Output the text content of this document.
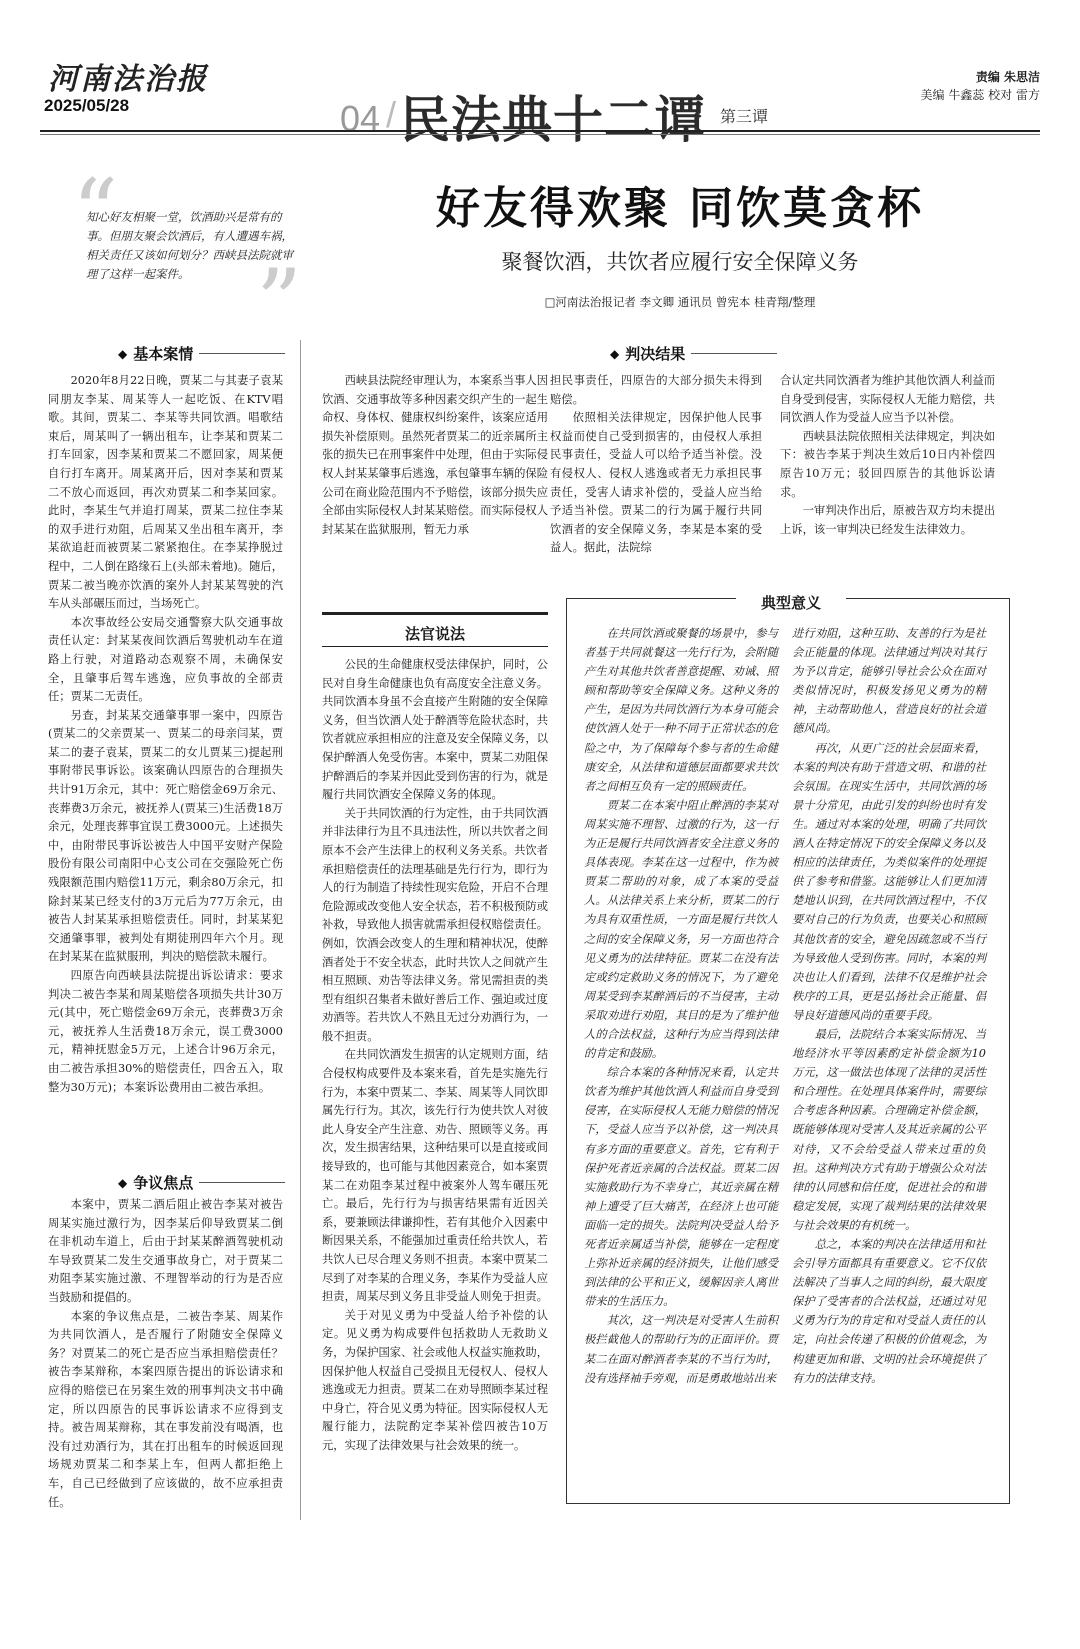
河南法治报
2025/05/28	04 / 民法典十二谭 第三谭
责编 朱思洁
美编 牛鑫蕊 校对 雷方
“
知心好友相聚一堂，饮酒助兴是常有的事。但朋友聚会饮酒后，有人遭遇车祸，相关责任又该如何划分？西峡县法院就审理了这样一起案件。 ”
好友得欢聚 同饮莫贪杯
聚餐饮酒，共饮者应履行安全保障义务
□河南法治报记者 李文卿 通讯员 曾宪本 桂青翔/整理
◆ 基本案情
◆ 争议焦点
◆ 判决结果

2020年8月22日晚，贾某二与其妻子袁某同朋友李某、周某等人一起吃饭、在KTV唱歌。其间，贾某二、李某等共同饮酒。唱歌结束后，周某叫了一辆出租车，让李某和贾某二打车回家，因李某和贾某二不愿回家，周某便自行打车离开。周某离开后，因对李某和贾某二不放心而返回，再次劝贾某二和李某回家。此时，李某生气并追打周某，贾某二拉住李某的双手进行劝阻，后周某又坐出租车离开，李某欲追赶而被贾某二紧紧抱住。在李某挣脱过程中，二人倒在路缘石上(头部未着地)。随后，贾某二被当晚亦饮酒的案外人封某某驾驶的汽车从头部碾压而过，当场死亡。

本次事故经公安局交通警察大队交通事故责任认定：封某某夜间饮酒后驾驶机动车在道路上行驶，对道路动态观察不周，未确保安全，且肇事后驾车逃逸，应负事故的全部责任；贾某二无责任。

另查，封某某交通肇事罪一案中，四原告(贾某二的父亲贾某一、贾某二的母亲闫某，贾某二的妻子袁某，贾某二的女儿贾某三)提起刑事附带民事诉讼。该案确认四原告的合理损失共计91万余元，其中：死亡赔偿金69万余元、丧葬费3万余元，被抚养人(贾某三)生活费18万余元，处理丧葬事宜误工费3000元。上述损失中，由附带民事诉讼被告人中国平安财产保险股份有限公司南阳中心支公司在交强险死亡伤残限额范围内赔偿11万元，剩余80万余元，扣除封某某已经支付的3万元后为77万余元，由被告人封某某承担赔偿责任。同时，封某某犯交通肇事罪，被判处有期徒刑四年六个月。现在封某某在监狱服刑，判决的赔偿款未履行。

四原告向西峡县法院提出诉讼请求：要求判决二被告李某和周某赔偿各项损失共计30万元(其中，死亡赔偿金69万余元，丧葬费3万余元，被抚养人生活费18万余元，误工费3000元，精神抚慰金5万元，上述合计96万余元，由二被告承担30%的赔偿责任，四舍五入，取整为30万元)；本案诉讼费用由二被告承担。

本案中，贾某二酒后阻止被告李某对被告周某实施过激行为，因李某后仰导致贾某二倒在非机动车道上，后由于封某某醉酒驾驶机动车导致贾某二发生交通事故身亡，对于贾某二劝阻李某实施过激、不理智举动的行为是否应当鼓励和提倡的。

本案的争议焦点是，二被告李某、周某作为共同饮酒人，是否履行了附随安全保障义务？对贾某二的死亡是否应当承担赔偿责任？被告李某辩称，本案四原告提出的诉讼请求和应得的赔偿已在另案生效的刑事判决文书中确定，所以四原告的民事诉讼请求不应得到支持。被告周某辩称，其在事发前没有喝酒，也没有过劝酒行为，其在打出租车的时候返回现场规劝贾某二和李某上车，但两人都拒绝上车，自己已经做到了应该做的，故不应承担责任。

西峡县法院经审理认为，本案系当事人因饮酒、交通事故等多种因素交织产生的一起生命权、身体权、健康权纠纷案件，该案应适用损失补偿原则。虽然死者贾某二的近亲属所主张的损失已在刑事案件中处理，但由于实际侵权人封某某肇事后逃逸，承包肇事车辆的保险公司在商业险范围内不予赔偿，该部分损失应全部由实际侵权人封某某赔偿。而实际侵权人封某某在监狱服刑，暂无力承

法官说法

公民的生命健康权受法律保护，同时，公民对自身生命健康也负有高度安全注意义务。共同饮酒本身虽不会直接产生附随的安全保障义务，但当饮酒人处于醉酒等危险状态时，共饮者就应承担相应的注意及安全保障义务，以保护醉酒人免受伤害。本案中，贾某二劝阻保护醉酒后的李某并因此受到伤害的行为，就是履行共同饮酒安全保障义务的体现。

关于共同饮酒的行为定性，由于共同饮酒并非法律行为且不具违法性，所以共饮者之间原本不会产生法律上的权利义务关系。共饮者承担赔偿责任的法理基础是先行行为，即行为人的行为制造了持续性现实危险，开启不合理危险源或改变他人安全状态，若不积极预防或补救，导致他人损害就需承担侵权赔偿责任。例如，饮酒会改变人的生理和精神状况，使醉酒者处于不安全状态，此时共饮人之间就产生相互照顾、劝告等法律义务。常见需担责的类型有组织召集者未做好善后工作、强迫或过度劝酒等。若共饮人不熟且无过分劝酒行为，一般不担责。

在共同饮酒发生损害的认定规则方面，结合侵权构成要件及本案来看，首先是实施先行行为，本案中贾某二、李某、周某等人同饮即属先行行为。其次，该先行行为使共饮人对彼此人身安全产生注意、劝告、照顾等义务。再次，发生损害结果，这种结果可以是直接或间接导致的，也可能与其他因素竞合，如本案贾某二在劝阻李某过程中被案外人驾车碾压死亡。最后，先行行为与损害结果需有近因关系，要兼顾法律谦抑性，若有其他介入因素中断因果关系，不能强加过重责任给共饮人，若共饮人已尽合理义务则不担责。本案中贾某二尽到了对李某的合理义务，李某作为受益人应担责，周某尽到义务且非受益人则免于担责。

关于对见义勇为中受益人给予补偿的认定。见义勇为构成要件包括救助人无救助义务，为保护国家、社会或他人权益实施救助，因保护他人权益自己受损且无侵权人、侵权人逃逸或无力担责。贾某二在劝导照顾李某过程中身亡，符合见义勇为特征。因实际侵权人无履行能力，法院酌定李某补偿四被告10万元，实现了法律效果与社会效果的统一。

担民事责任，四原告的大部分损失未得到赔偿。

依照相关法律规定，因保护他人民事权益而使自己受到损害的，由侵权人承担民事责任，受益人可以给予适当补偿。没有侵权人、侵权人逃逸或者无力承担民事责任，受害人请求补偿的，受益人应当给予适当补偿。贾某二的行为属于履行共同饮酒者的安全保障义务，李某是本案的受益人。据此，法院综

合认定共同饮酒者为维护其他饮酒人利益而自身受到侵害，实际侵权人无能力赔偿，共同饮酒人作为受益人应当予以补偿。

西峡县法院依照相关法律规定，判决如下：被告李某于判决生效后10日内补偿四原告10万元；驳回四原告的其他诉讼请求。

一审判决作出后，原被告双方均未提出上诉，该一审判决已经发生法律效力。

典型意义

在共同饮酒或聚餐的场景中，参与者基于共同就餐这一先行行为，会附随产生对其他共饮者善意提醒、劝诫、照顾和帮助等安全保障义务。这种义务的产生，是因为共同饮酒行为本身可能会使饮酒人处于一种不同于正常状态的危险之中，为了保障每个参与者的生命健康安全，从法律和道德层面都要求共饮者之间相互负有一定的照顾责任。

贾某二在本案中阻止醉酒的李某对周某实施不理智、过激的行为，这一行为正是履行共同饮酒者安全注意义务的具体表现。李某在这一过程中，作为被贾某二帮助的对象，成了本案的受益人。从法律关系上来分析，贾某二的行为具有双重性质，一方面是履行共饮人之间的安全保障义务，另一方面也符合见义勇为的法律特征。贾某二在没有法定或约定救助义务的情况下，为了避免周某受到李某醉酒后的不当侵害，主动采取劝进行劝阻，其目的是为了维护他人的合法权益，这种行为应当得到法律的肯定和鼓励。

综合本案的各种情况来看，认定共饮者为维护其他饮酒人利益而自身受到侵害，在实际侵权人无能力赔偿的情况下，受益人应当予以补偿，这一判决具有多方面的重要意义。首先，它有利于保护死者近亲属的合法权益。贾某二因实施救助行为不幸身亡，其近亲属在精神上遭受了巨大痛苦，在经济上也可能面临一定的损失。法院判决受益人给予死者近亲属适当补偿，能够在一定程度上弥补近亲属的经济损失，让他们感受到法律的公平和正义，缓解因亲人离世带来的生活压力。

其次，这一判决是对受害人生前积极拦截他人的帮助行为的正面评价。贾某二在面对醉酒者李某的不当行为时，没有选择袖手旁观，而是勇敢地站出来

进行劝阻，这种互助、友善的行为是社会正能量的体现。法律通过判决对其行为予以肯定，能够引导社会公众在面对类似情况时，积极发扬见义勇为的精神，主动帮助他人，营造良好的社会道德风尚。

再次，从更广泛的社会层面来看，本案的判决有助于营造文明、和谐的社会氛围。在现实生活中，共同饮酒的场景十分常见，由此引发的纠纷也时有发生。通过对本案的处理，明确了共同饮酒人在特定情况下的安全保障义务以及相应的法律责任，为类似案件的处理提供了参考和借鉴。这能够让人们更加清楚地认识到，在共同饮酒过程中，不仅要对自己的行为负责，也要关心和照顾其他饮者的安全，避免因疏忽或不当行为导致他人受到伤害。同时，本案的判决也让人们看到，法律不仅是维护社会秩序的工具，更是弘扬社会正能量、倡导良好道德风尚的重要手段。

最后，法院结合本案实际情况、当地经济水平等因素酌定补偿金额为10万元，这一做法也体现了法律的灵活性和合理性。在处理具体案件时，需要综合考虑各种因素。合理确定补偿金额，既能够体现对受害人及其近亲属的公平对待，又不会给受益人带来过重的负担。这种判决方式有助于增强公众对法律的认同感和信任度，促进社会的和谐稳定发展，实现了裁判结果的法律效果与社会效果的有机统一。

总之，本案的判决在法律适用和社会引导方面都具有重要意义。它不仅依法解决了当事人之间的纠纷，最大限度保护了受害者的合法权益，还通过对见义勇为行为的肯定和对受益人责任的认定，向社会传递了积极的价值观念，为构建更加和谐、文明的社会环境提供了有力的法律支持。
